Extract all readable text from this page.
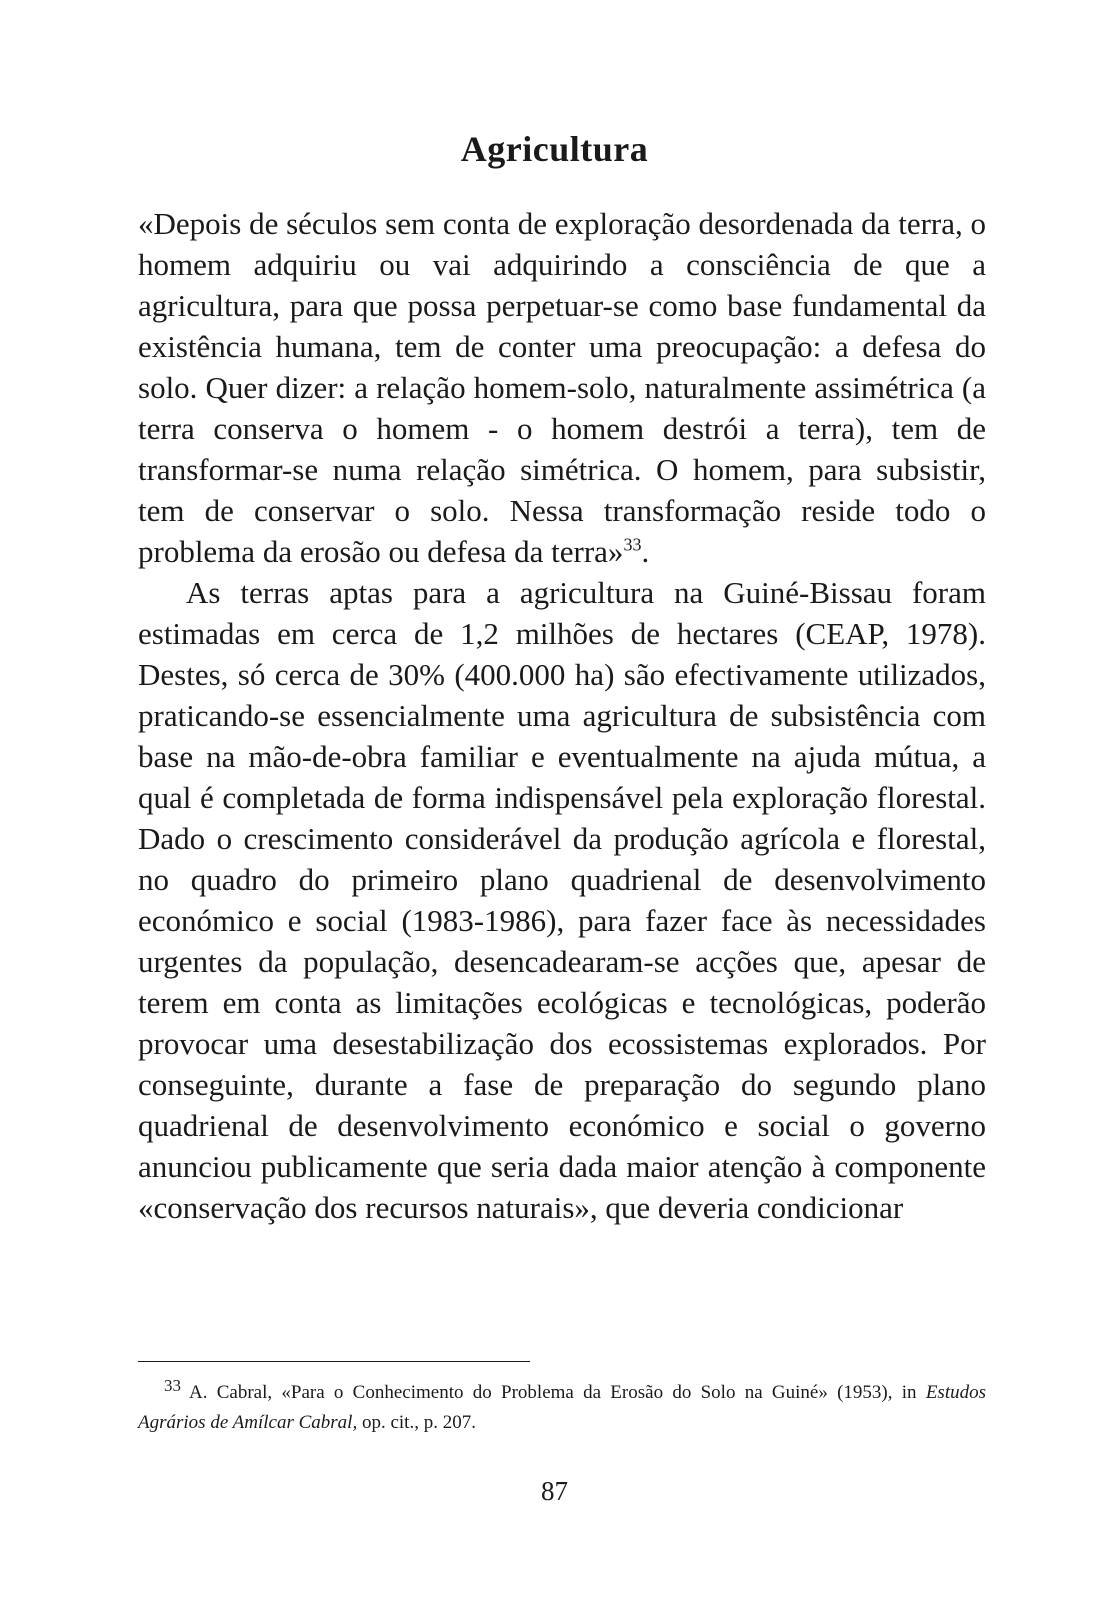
Agricultura

«Depois de séculos sem conta de exploração desordenada da terra, o homem adquiriu ou vai adquirindo a consciência de que a agricultura, para que possa perpetuar-se como base fundamental da existência humana, tem de conter uma preocupação: a defesa do solo. Quer dizer: a relação homem-solo, naturalmente assimétrica (a terra conserva o homem - o homem destrói a terra), tem de transformar-se numa relação simétrica. O homem, para subsistir, tem de conservar o solo. Nessa transformação reside todo o problema da erosão ou defesa da terra»$^{33}$.

As terras aptas para a agricultura na Guiné-Bissau foram estimadas em cerca de 1,2 milhões de hectares (CEAP, 1978). Destes, só cerca de 30% (400.000 ha) são efectivamente utilizados, praticando-se essencialmente uma agricultura de subsistência com base na mão-de-obra familiar e eventualmente na ajuda mútua, a qual é completada de forma indispensável pela exploração florestal. Dado o crescimento considerável da produção agrícola e florestal, no quadro do primeiro plano quadrienal de desenvolvimento económico e social (1983-1986), para fazer face às necessidades urgentes da população, desencadearam-se acções que, apesar de terem em conta as limitações ecológicas e tecnológicas, poderão provocar uma desestabilização dos ecossistemas explorados. Por conseguinte, durante a fase de preparação do segundo plano quadrienal de desenvolvimento económico e social o governo anunciou publicamente que seria dada maior atenção à componente «conservação dos recursos naturais», que deveria condicionar

33 A. Cabral, «Para o Conhecimento do Problema da Erosão do Solo na Guiné» (1953), in Estudos Agrários de Amílcar Cabral, op. cit., p. 207.
87
